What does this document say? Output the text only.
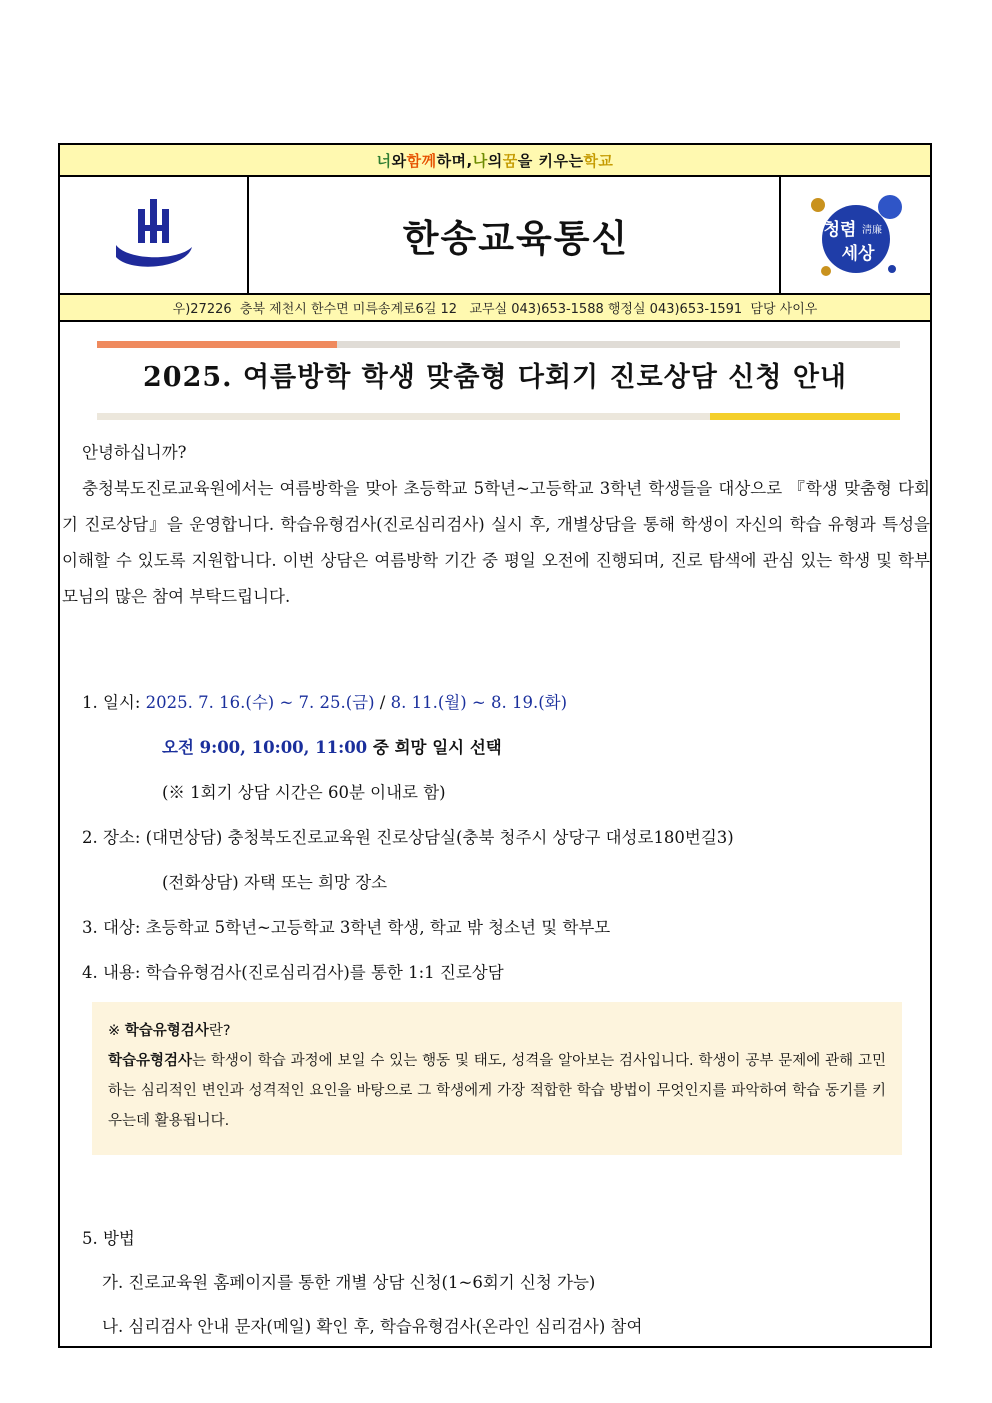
너 와 함께 하며, 나 의 꿈 을 키우는 학교
한송교육통신	청렴 淸廉
세상
우)27226  충북 제천시 한수면 미륵송계로6길 12   교무실 043)653-1588 행정실 043)653-1591  담당 사이우
2025. 여름방학 학생 맞춤형 다회기 진로상담 신청 안내
안녕하십니까?
충청북도진로교육원에서는 여름방학을 맞아 초등학교 5학년~고등학교 3학년 학생들을 대상으로 『학생 맞춤형 다회기 진로상담』을 운영합니다. 학습유형검사(진로심리검사) 실시 후, 개별상담을 통해 학생이 자신의 학습 유형과 특성을 이해할 수 있도록 지원합니다. 이번 상담은 여름방학 기간 중 평일 오전에 진행되며, 진로 탐색에 관심 있는 학생 및 학부모님의 많은 참여 부탁드립니다.
1. 일시: 2025. 7. 16.(수) ~ 7. 25.(금) / 8. 11.(월) ~ 8. 19.(화)
오전 9:00, 10:00, 11:00 중 희망 일시 선택
(※ 1회기 상담 시간은 60분 이내로 함)
2. 장소: (대면상담) 충청북도진로교육원 진로상담실(충북 청주시 상당구 대성로180번길3)
(전화상담) 자택 또는 희망 장소
3. 대상: 초등학교 5학년~고등학교 3학년 학생, 학교 밖 청소년 및 학부모
4. 내용: 학습유형검사(진로심리검사)를 통한 1:1 진로상담
※ 학습유형검사란?
학습유형검사는 학생이 학습 과정에 보일 수 있는 행동 및 태도, 성격을 알아보는 검사입니다. 학생이 공부 문제에 관해 고민하는 심리적인 변인과 성격적인 요인을 바탕으로 그 학생에게 가장 적합한 학습 방법이 무엇인지를 파악하여 학습 동기를 키우는데 활용됩니다.
5. 방법
가. 진로교육원 홈페이지를 통한 개별 상담 신청(1~6회기 신청 가능)
나. 심리검사 안내 문자(메일) 확인 후, 학습유형검사(온라인 심리검사) 참여
